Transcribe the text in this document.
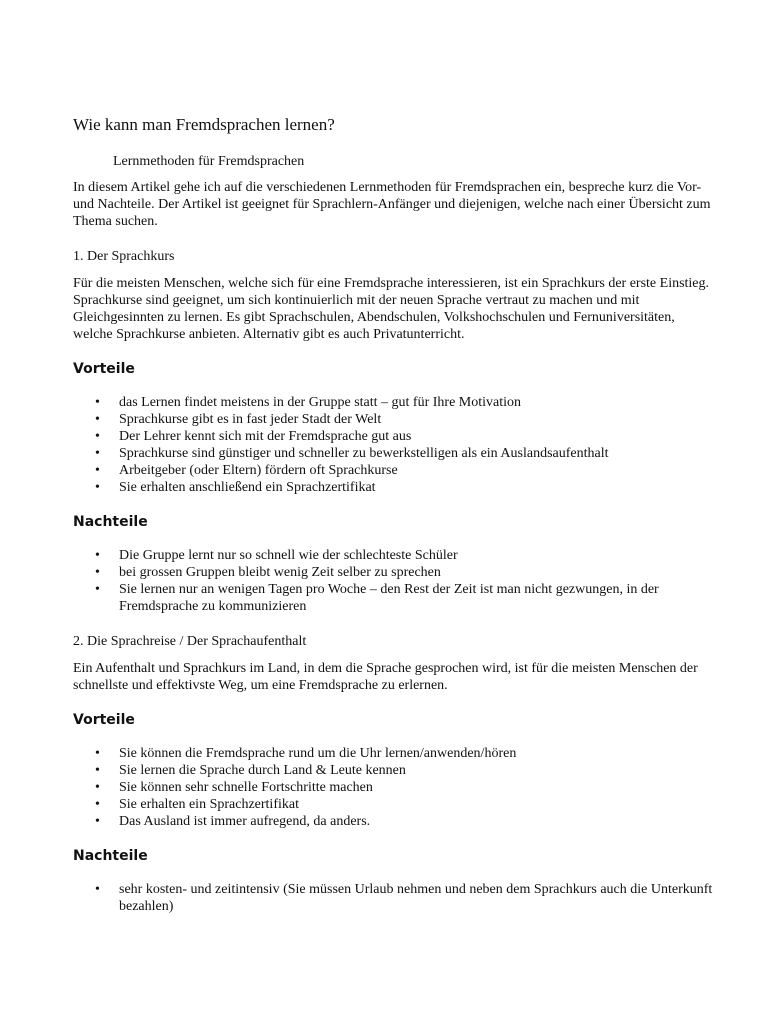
Wie kann man Fremdsprachen lernen?

Lernmethoden für Fremdsprachen

In diesem Artikel gehe ich auf die verschiedenen Lernmethoden für Fremdsprachen ein, bespreche kurz die Vor- und Nachteile. Der Artikel ist geeignet für Sprachlern-Anfänger und diejenigen, welche nach einer Übersicht zum Thema suchen.

1. Der Sprachkurs

Für die meisten Menschen, welche sich für eine Fremdsprache interessieren, ist ein Sprachkurs der erste Einstieg. Sprachkurse sind geeignet, um sich kontinuierlich mit der neuen Sprache vertraut zu machen und mit Gleichgesinnten zu lernen. Es gibt Sprachschulen, Abendschulen, Volkshochschulen und Fernuniversitäten, welche Sprachkurse anbieten. Alternativ gibt es auch Privatunterricht.

Vorteile
• das Lernen findet meistens in der Gruppe statt – gut für Ihre Motivation
• Sprachkurse gibt es in fast jeder Stadt der Welt
• Der Lehrer kennt sich mit der Fremdsprache gut aus
• Sprachkurse sind günstiger und schneller zu bewerkstelligen als ein Auslandsaufenthalt
• Arbeitgeber (oder Eltern) fördern oft Sprachkurse
• Sie erhalten anschließend ein Sprachzertifikat
Nachteile
• Die Gruppe lernt nur so schnell wie der schlechteste Schüler
• bei grossen Gruppen bleibt wenig Zeit selber zu sprechen
• Sie lernen nur an wenigen Tagen pro Woche – den Rest der Zeit ist man nicht gezwungen, in der Fremdsprache zu kommunizieren

2. Die Sprachreise / Der Sprachaufenthalt

Ein Aufenthalt und Sprachkurs im Land, in dem die Sprache gesprochen wird, ist für die meisten Menschen der schnellste und effektivste Weg, um eine Fremdsprache zu erlernen.

Vorteile
• Sie können die Fremdsprache rund um die Uhr lernen/anwenden/hören
• Sie lernen die Sprache durch Land & Leute kennen
• Sie können sehr schnelle Fortschritte machen
• Sie erhalten ein Sprachzertifikat
• Das Ausland ist immer aufregend, da anders.
Nachteile
• sehr kosten- und zeitintensiv (Sie müssen Urlaub nehmen und neben dem Sprachkurs auch die Unterkunft bezahlen)
